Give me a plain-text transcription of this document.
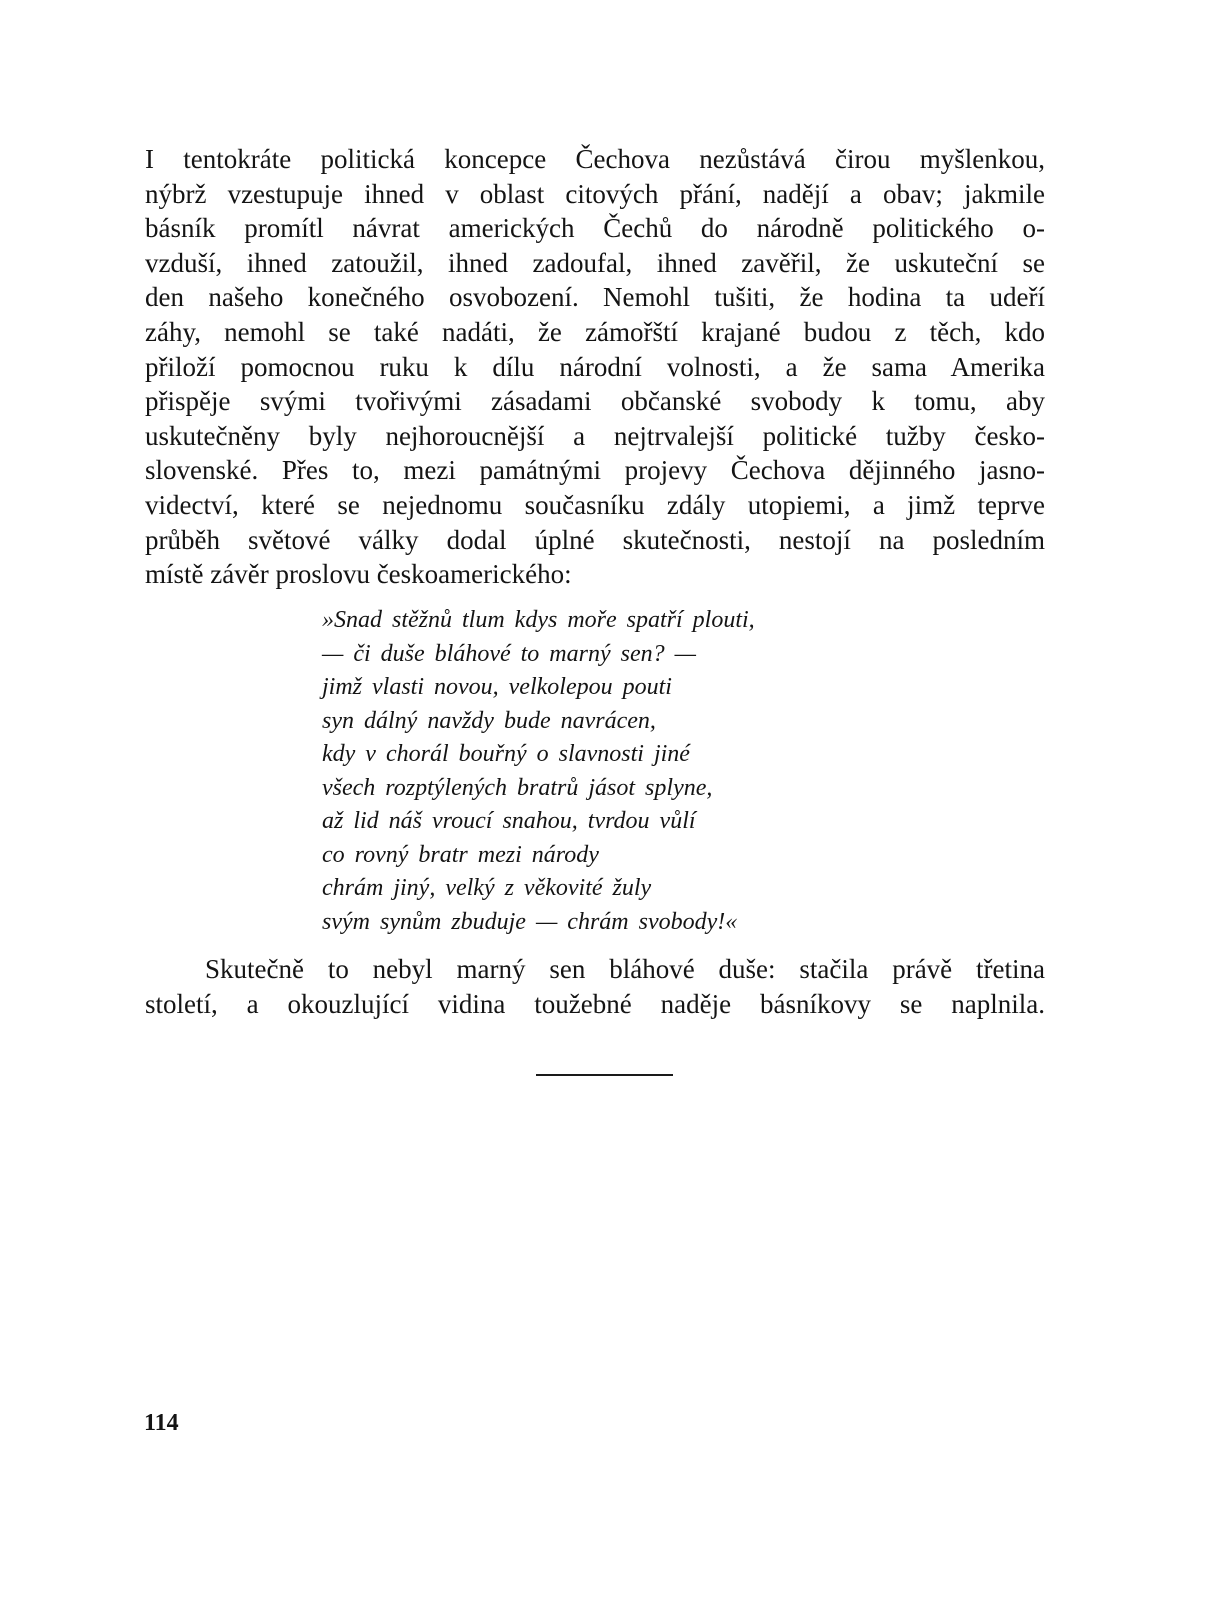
I tentokráte politická koncepce Čechova nezůstává čirou myšlenkou,
nýbrž vzestupuje ihned v oblast citových přání, nadějí a obav; jakmile
básník promítl návrat amerických Čechů do národně politického o-
vzduší, ihned zatoužil, ihned zadoufal, ihned zavěřil, že uskuteční se
den našeho konečného osvobození. Nemohl tušiti, že hodina ta udeří
záhy, nemohl se také nadáti, že zámořští krajané budou z těch, kdo
přiloží pomocnou ruku k dílu národní volnosti, a že sama Amerika
přispěje svými tvořivými zásadami občanské svobody k tomu, aby
uskutečněny byly nejhoroucnější a nejtrvalejší politické tužby česko-
slovenské. Přes to, mezi památnými projevy Čechova dějinného jasno-
videctví, které se nejednomu současníku zdály utopiemi, a jimž teprve
průběh světové války dodal úplné skutečnosti, nestojí na posledním
místě závěr proslovu českoamerického:
»Snad stěžnů tlum kdys moře spatří plouti,
— či duše bláhové to marný sen? —
jimž vlasti novou, velkolepou pouti
syn dálný navždy bude navrácen,
kdy v chorál bouřný o slavnosti jiné
všech rozptýlených bratrů jásot splyne,
až lid náš vroucí snahou, tvrdou vůlí
co rovný bratr mezi národy
chrám jiný, velký z věkovité žuly
svým synům zbuduje — chrám svobody!«
Skutečně to nebyl marný sen bláhové duše: stačila právě třetina
století, a okouzlující vidina toužebné naděje básníkovy se naplnila.
114
